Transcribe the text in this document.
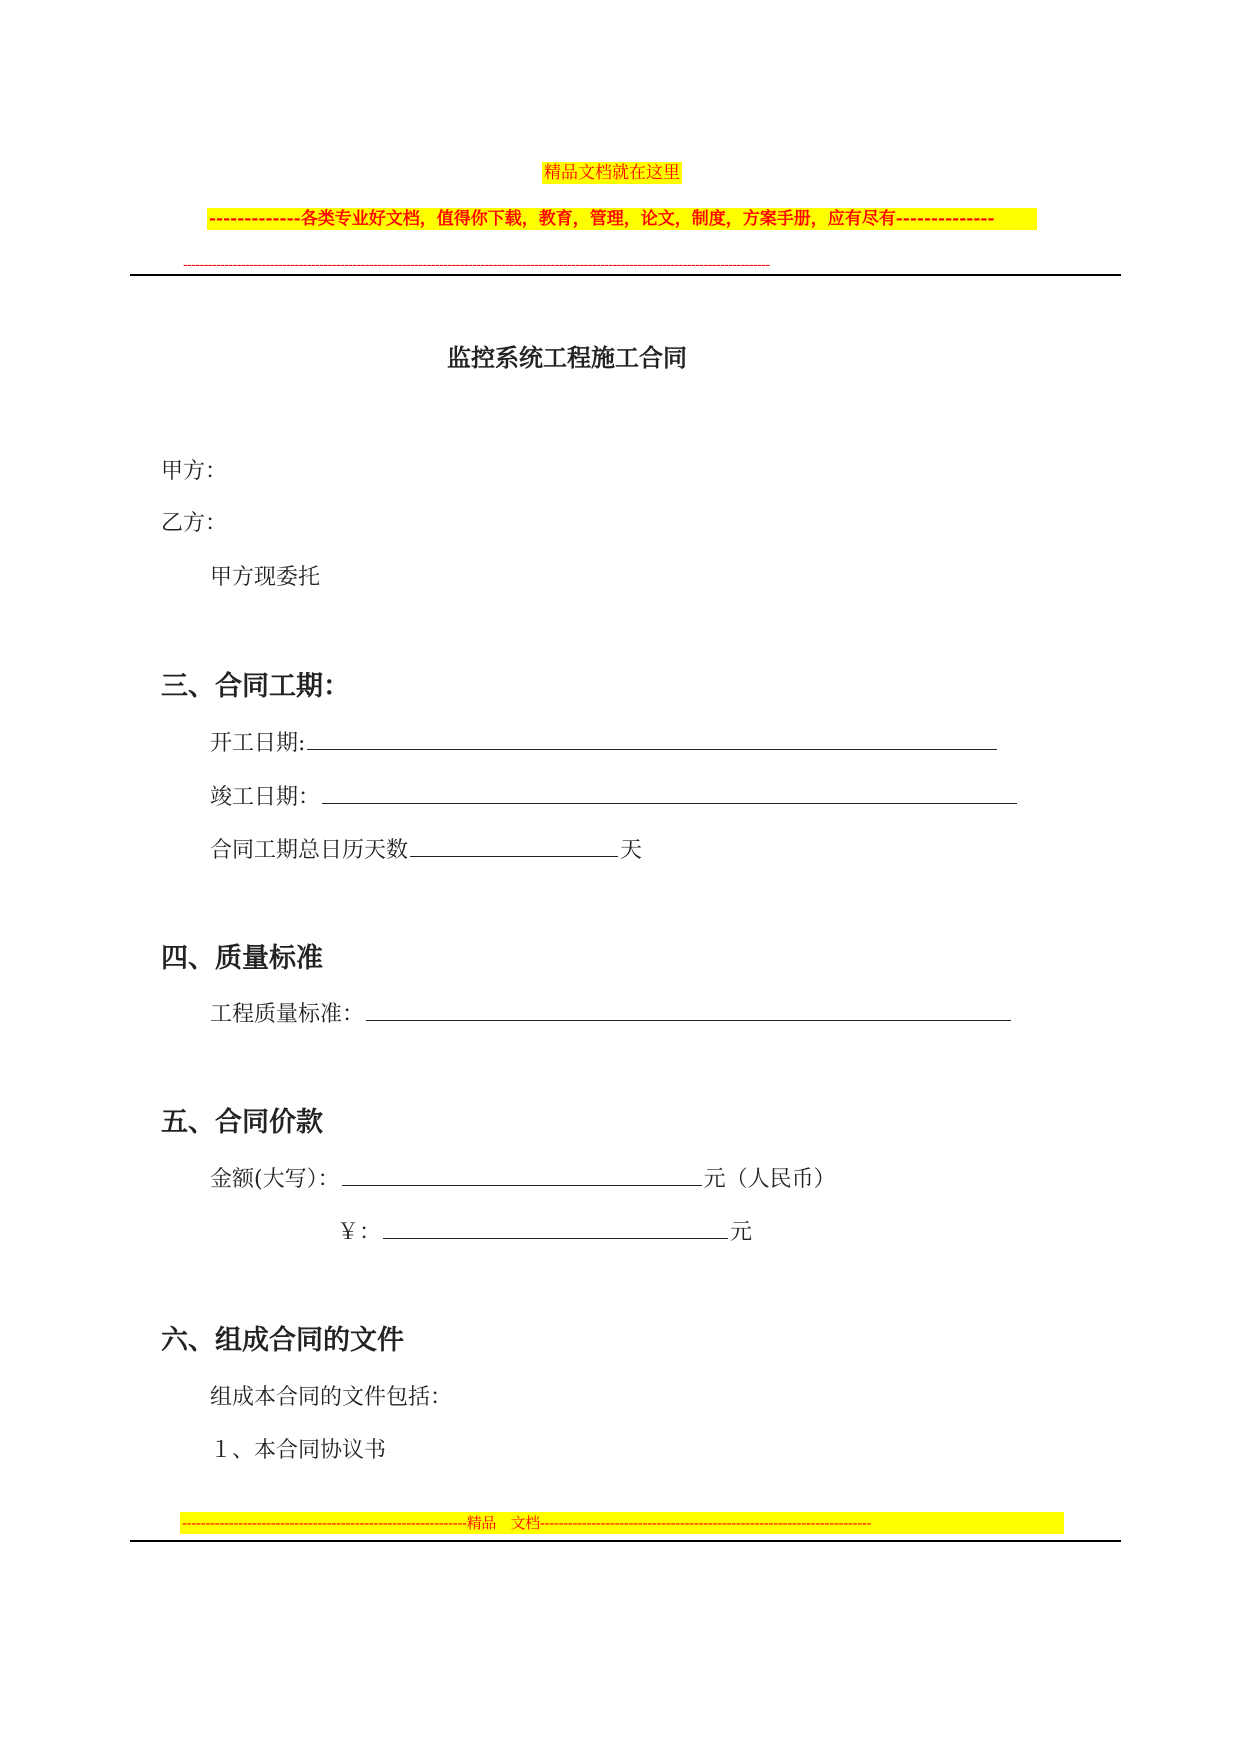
精品文档就在这里
-------------各类专业好文档，值得你下载，教育，管理，论文，制度，方案手册，应有尽有--------------
----------------------------------------------------------------------------------------------------------------------------------------------
监控系统工程施工合同
甲方：
乙方：
甲方现委托
三、合同工期：
开工日期:
竣工日期：
合同工期总日历天数	天
四、质量标准
工程质量标准：
五、合同价款
金额(大写）：	元（人民币）
￥：	元
六、组成合同的文件
组成本合同的文件包括：
１、本合同协议书
-------------------------------------------------------------精品　文档-----------------------------------------------------------------------
